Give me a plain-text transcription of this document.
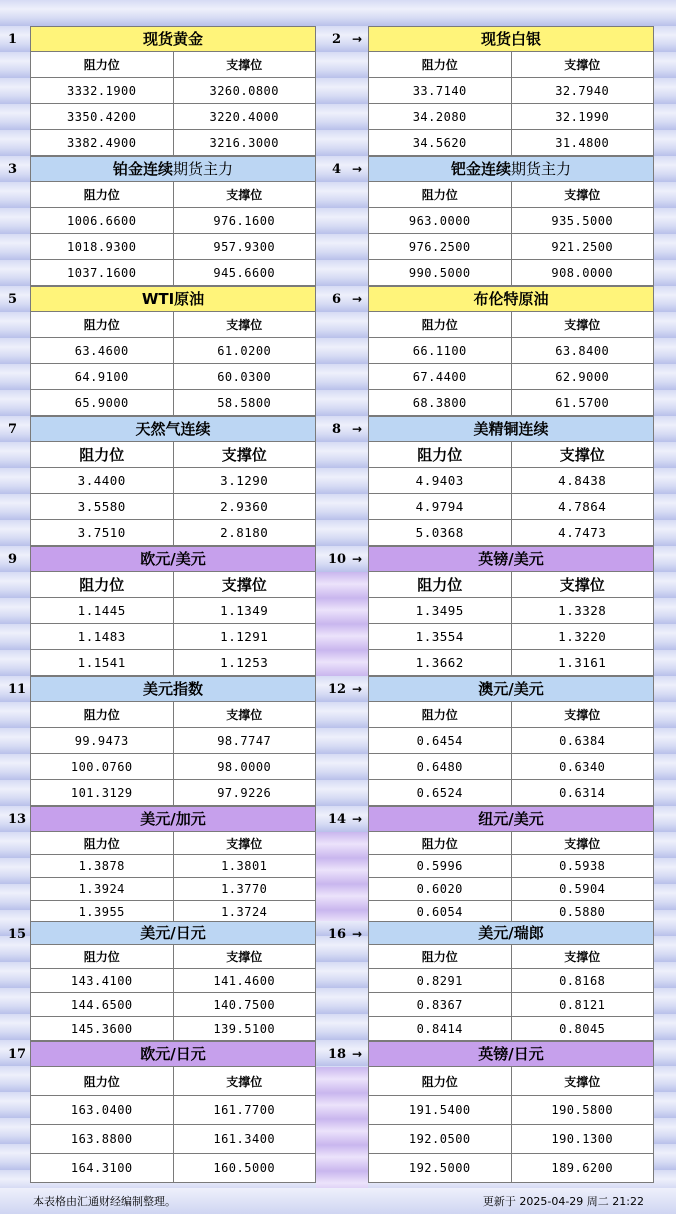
1	现货黄金
阻力位	支撑位
3332.1900	3260.0800
3350.4200	3220.4000
3382.4900	3216.3000
2 →	现货白银
阻力位	支撑位
33.7140	32.7940
34.2080	32.1990
34.5620	31.4800
3	铂金连续期货主力
阻力位	支撑位
1006.6600	976.1600
1018.9300	957.9300
1037.1600	945.6600
4 →	钯金连续期货主力
阻力位	支撑位
963.0000	935.5000
976.2500	921.2500
990.5000	908.0000
5	WTI原油
阻力位	支撑位
63.4600	61.0200
64.9100	60.0300
65.9000	58.5800
6 →	布伦特原油
阻力位	支撑位
66.1100	63.8400
67.4400	62.9000
68.3800	61.5700
7	天然气连续
阻力位	支撑位
3.4400	3.1290
3.5580	2.9360
3.7510	2.8180
8 →	美精铜连续
阻力位	支撑位
4.9403	4.8438
4.9794	4.7864
5.0368	4.7473
9	欧元/美元
阻力位	支撑位
1.1445	1.1349
1.1483	1.1291
1.1541	1.1253
10 →	英镑/美元
阻力位	支撑位
1.3495	1.3328
1.3554	1.3220
1.3662	1.3161
11	美元指数
阻力位	支撑位
99.9473	98.7747
100.0760	98.0000
101.3129	97.9226
12 →	澳元/美元
阻力位	支撑位
0.6454	0.6384
0.6480	0.6340
0.6524	0.6314
13	美元/加元
阻力位	支撑位
1.3878	1.3801
1.3924	1.3770
1.3955	1.3724
14 →	纽元/美元
阻力位	支撑位
0.5996	0.5938
0.6020	0.5904
0.6054	0.5880
15	美元/日元
阻力位	支撑位
143.4100	141.4600
144.6500	140.7500
145.3600	139.5100
16 →	美元/瑞郎
阻力位	支撑位
0.8291	0.8168
0.8367	0.8121
0.8414	0.8045
17	欧元/日元
阻力位	支撑位
163.0400	161.7700
163.8800	161.3400
164.3100	160.5000
18 →	英镑/日元
阻力位	支撑位
191.5400	190.5800
192.0500	190.1300
192.5000	189.6200
本表格由汇通财经编制整理。	更新于 2025-04-29 周二 21:22
